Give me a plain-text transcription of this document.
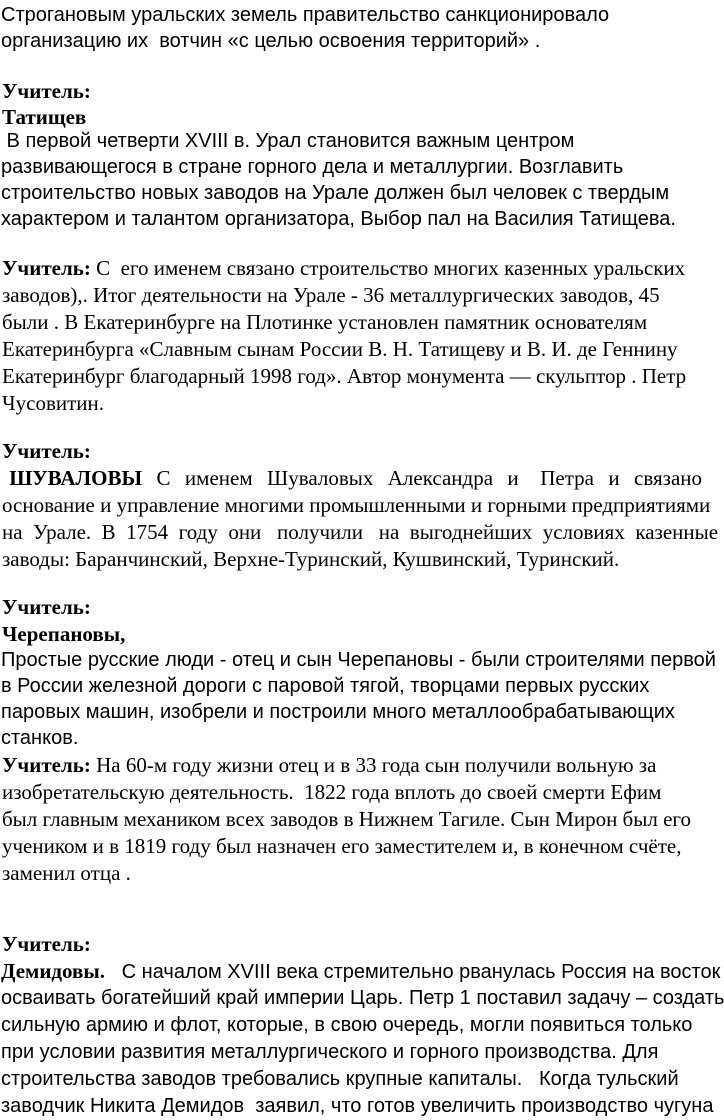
Строгановым уральских земель правительство санкционировало
организацию их  вотчин «с целью освоения территорий» .
Учитель:
Татищев
В первой четверти XVIII в. Урал становится важным центром
развивающегося в стране горного дела и металлургии. Возглавить
строительство новых заводов на Урале должен был человек с твердым
характером и талантом организатора, Выбор пал на Василия Татищева.
Учитель: С  его именем связано строительство многих казенных уральских
заводов),. Итог деятельности на Урале - 36 металлургических заводов, 45
были . В Екатеринбурге на Плотинке установлен памятник основателям
Екатеринбурга «Славным сынам России В. Н. Татищеву и В. И. де Геннину
Екатеринбург благодарный 1998 год». Автор монумента — скульптор . Петр
Чусовитин.
Учитель:
ШУВАЛОВЫ  С  именем  Шуваловых  Александра  и   Петра  и  связано
основание и управление многими промышленными и горными предприятиями
на  Урале.  В  1754  году  они   получили   на  выгоднейших  условиях  казенные
заводы: Баранчинский, Верхне-Туринский, Кушвинский, Туринский.
Учитель:
Черепановы,
Простые русские люди - отец и сын Черепановы - были строителями первой
в России железной дороги с паровой тягой, творцами первых русских
паровых машин, изобрели и построили много металлообрабатывающих
станков.
Учитель: На 60-м году жизни отец и в 33 года сын получили вольную за
изобретательскую деятельность.  1822 года вплоть до своей смерти Ефим
был главным механиком всех заводов в Нижнем Тагиле. Сын Мирон был его
учеником и в 1819 году был назначен его заместителем и, в конечном счёте,
заменил отца .
Учитель:
Демидовы.   С началом XVIII века стремительно рванулась Россия на восток
осваивать богатейший край империи Царь. Петр 1 поставил задачу – создать
сильную армию и флот, которые, в свою очередь, могли появиться только
при условии развития металлургического и горного производства. Для
строительства заводов требовались крупные капиталы.   Когда тульский
заводчик Никита Демидов  заявил, что готов увеличить производство чугуна
